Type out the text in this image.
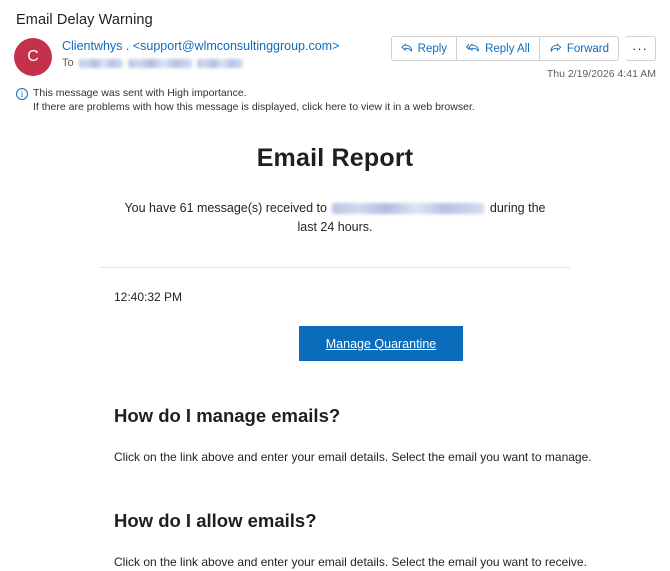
Email Delay Warning
C
Clientwhys . <support@wlmconsultinggroup.com>
To
Reply	Reply All	Forward	···
Thu 2/19/2026 4:41 AM
i This message was sent with High importance.
If there are problems with how this message is displayed, click here to view it in a web browser.
Email Report
You have 61 message(s) received to	during the last 24 hours.
12:40:32 PM
Manage Quarantine
How do I manage emails?
Click on the link above and enter your email details. Select the email you want to manage.
How do I allow emails?
Click on the link above and enter your email details. Select the email you want to receive.
